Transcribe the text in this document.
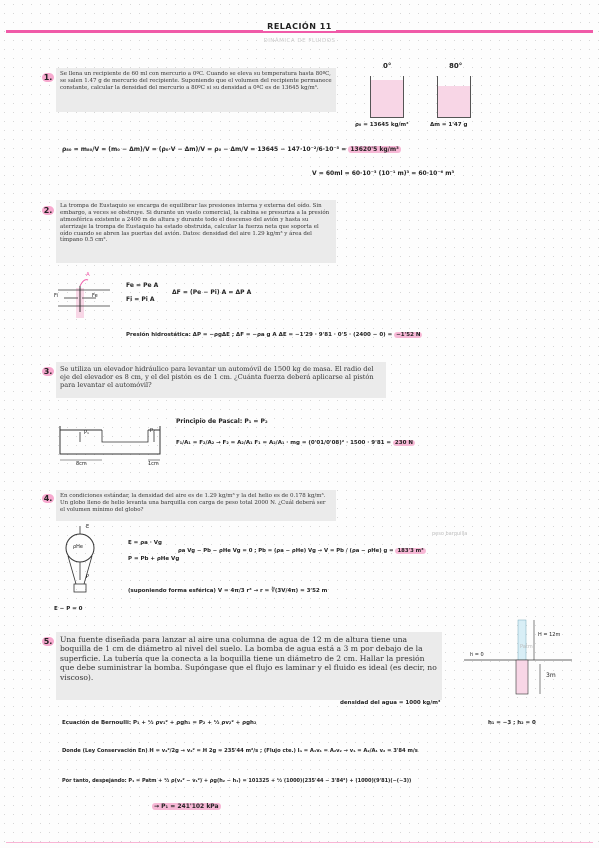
RELACIÓN 11
DINÁMICA DE FLUIDOS
1.	Se llena un recipiente de 60 ml con mercurio a 0ºC. Cuando se eleva su temperatura hasta 80ºC, se salen 1.47 g de mercurio del recipiente. Suponiendo que el volumen del recipiente permanece constante, calcular la densidad del mercurio a 80ºC si su densidad a 0ºC es de 13645 kg/m³.
0°	80°
ρ₀ = 13645 kg/m³	Δm = 1'47 g
ρ₈₀ = m₈₀/V = (m₀ − Δm)/V = (ρ₀·V − Δm)/V = ρ₀ − Δm/V = 13645 − 147·10⁻²/6·10⁻⁵ = 13620'5 kg/m³
V = 60ml = 60·10⁻³ (10⁻¹ m)³ = 60·10⁻⁶ m³
2.	La trompa de Eustaquio se encarga de equilibrar las presiones interna y externa del oído. Sin embargo, a veces se obstruye. Si durante un vuelo comercial, la cabina se presuriza a la presión atmosférica existente a 2400 m de altura y durante todo el descenso del avión y hasta su aterrizaje la trompa de Eustaquio ha estado obstruida, calcular la fuerza neta que soporta el oído cuando se abren las puertas del avión. Datos: densidad del aire 1.29 kg/m³ y área del tímpano 0.5 cm².
A
Fi	Fe
Fe = Pe A
Fi = Pi A
ΔF = (Pe − Pi) A = ΔP A
Presión hidrostática: ΔP = −ρgΔE ; ΔF = −ρa g A ΔE = −1'29 · 9'81 · 0'5 · (2400 − 0) = −1'52 N
3.	Se utiliza un elevador hidráulico para levantar un automóvil de 1500 kg de masa. El radio del eje del elevador es 8 cm, y el del pistón es de 1 cm. ¿Cuánta fuerza deberá aplicarse al pistón para levantar el automóvil?
P₁	P₂
8cm	1cm
Principio de Pascal: P₁ = P₂
F₁/A₁ = F₂/A₂ → F₂ = A₂/A₁ F₁ = A₂/A₁ · mg = (0'01/0'08)² · 1500 · 9'81 = 230 N
4.	En condiciones estándar, la densidad del aire es de 1.29 kg/m³ y la del helio es de 0.178 kg/m³. Un globo lleno de helio levanta una barquilla con carga de peso total 2000 N. ¿Cuál deberá ser el volumen mínimo del globo?
E
ρHe
P
E − P = 0
peso barquilla
E = ρa · Vg
P = Pb + ρHe Vg
ρa Vg − Pb − ρHe Vg = 0 ; Pb = (ρa − ρHe) Vg → V = Pb / (ρa − ρHe) g = 183'3 m³
(suponiendo forma esférica) V = 4π/3 r³ → r = ∛(3V/4π) = 3'52 m
5.	Una fuente diseñada para lanzar al aire una columna de agua de 12 m de altura tiene una boquilla de 1 cm de diámetro al nivel del suelo. La bomba de agua está a 3 m por debajo de la superficie. La tubería que la conecta a la boquilla tiene un diámetro de 2 cm. Hallar la presión que debe suministrar la bomba. Supóngase que el flujo es laminar y el fluido es ideal (es decir, no viscoso).
H = 12m
h = 0
Patm
3m
densidad del agua = 1000 kg/m³
Ecuación de Bernoulli: P₁ + ½ ρv₁² + ρgh₁ = P₂ + ½ ρv₂² + ρgh₂	h₁ = −3 ; h₂ = 0
Donde (Ley Conservación En) H = v₂²/2g → v₂² = H 2g = 235'44 m²/s ; (Flujo cte.) Iₙ = A₁v₁ = A₂v₂ → v₁ = A₂/A₁ v₂ = 3'84 m/s
Por tanto, despejando: P₁ = Patm + ½ ρ(v₂² − v₁²) + ρg(h₂ − h₁) = 101325 + ½ (1000)(235'44 − 3'84²) + (1000)(9'81)(−(−3))
→ P₁ = 241'102 kPa
